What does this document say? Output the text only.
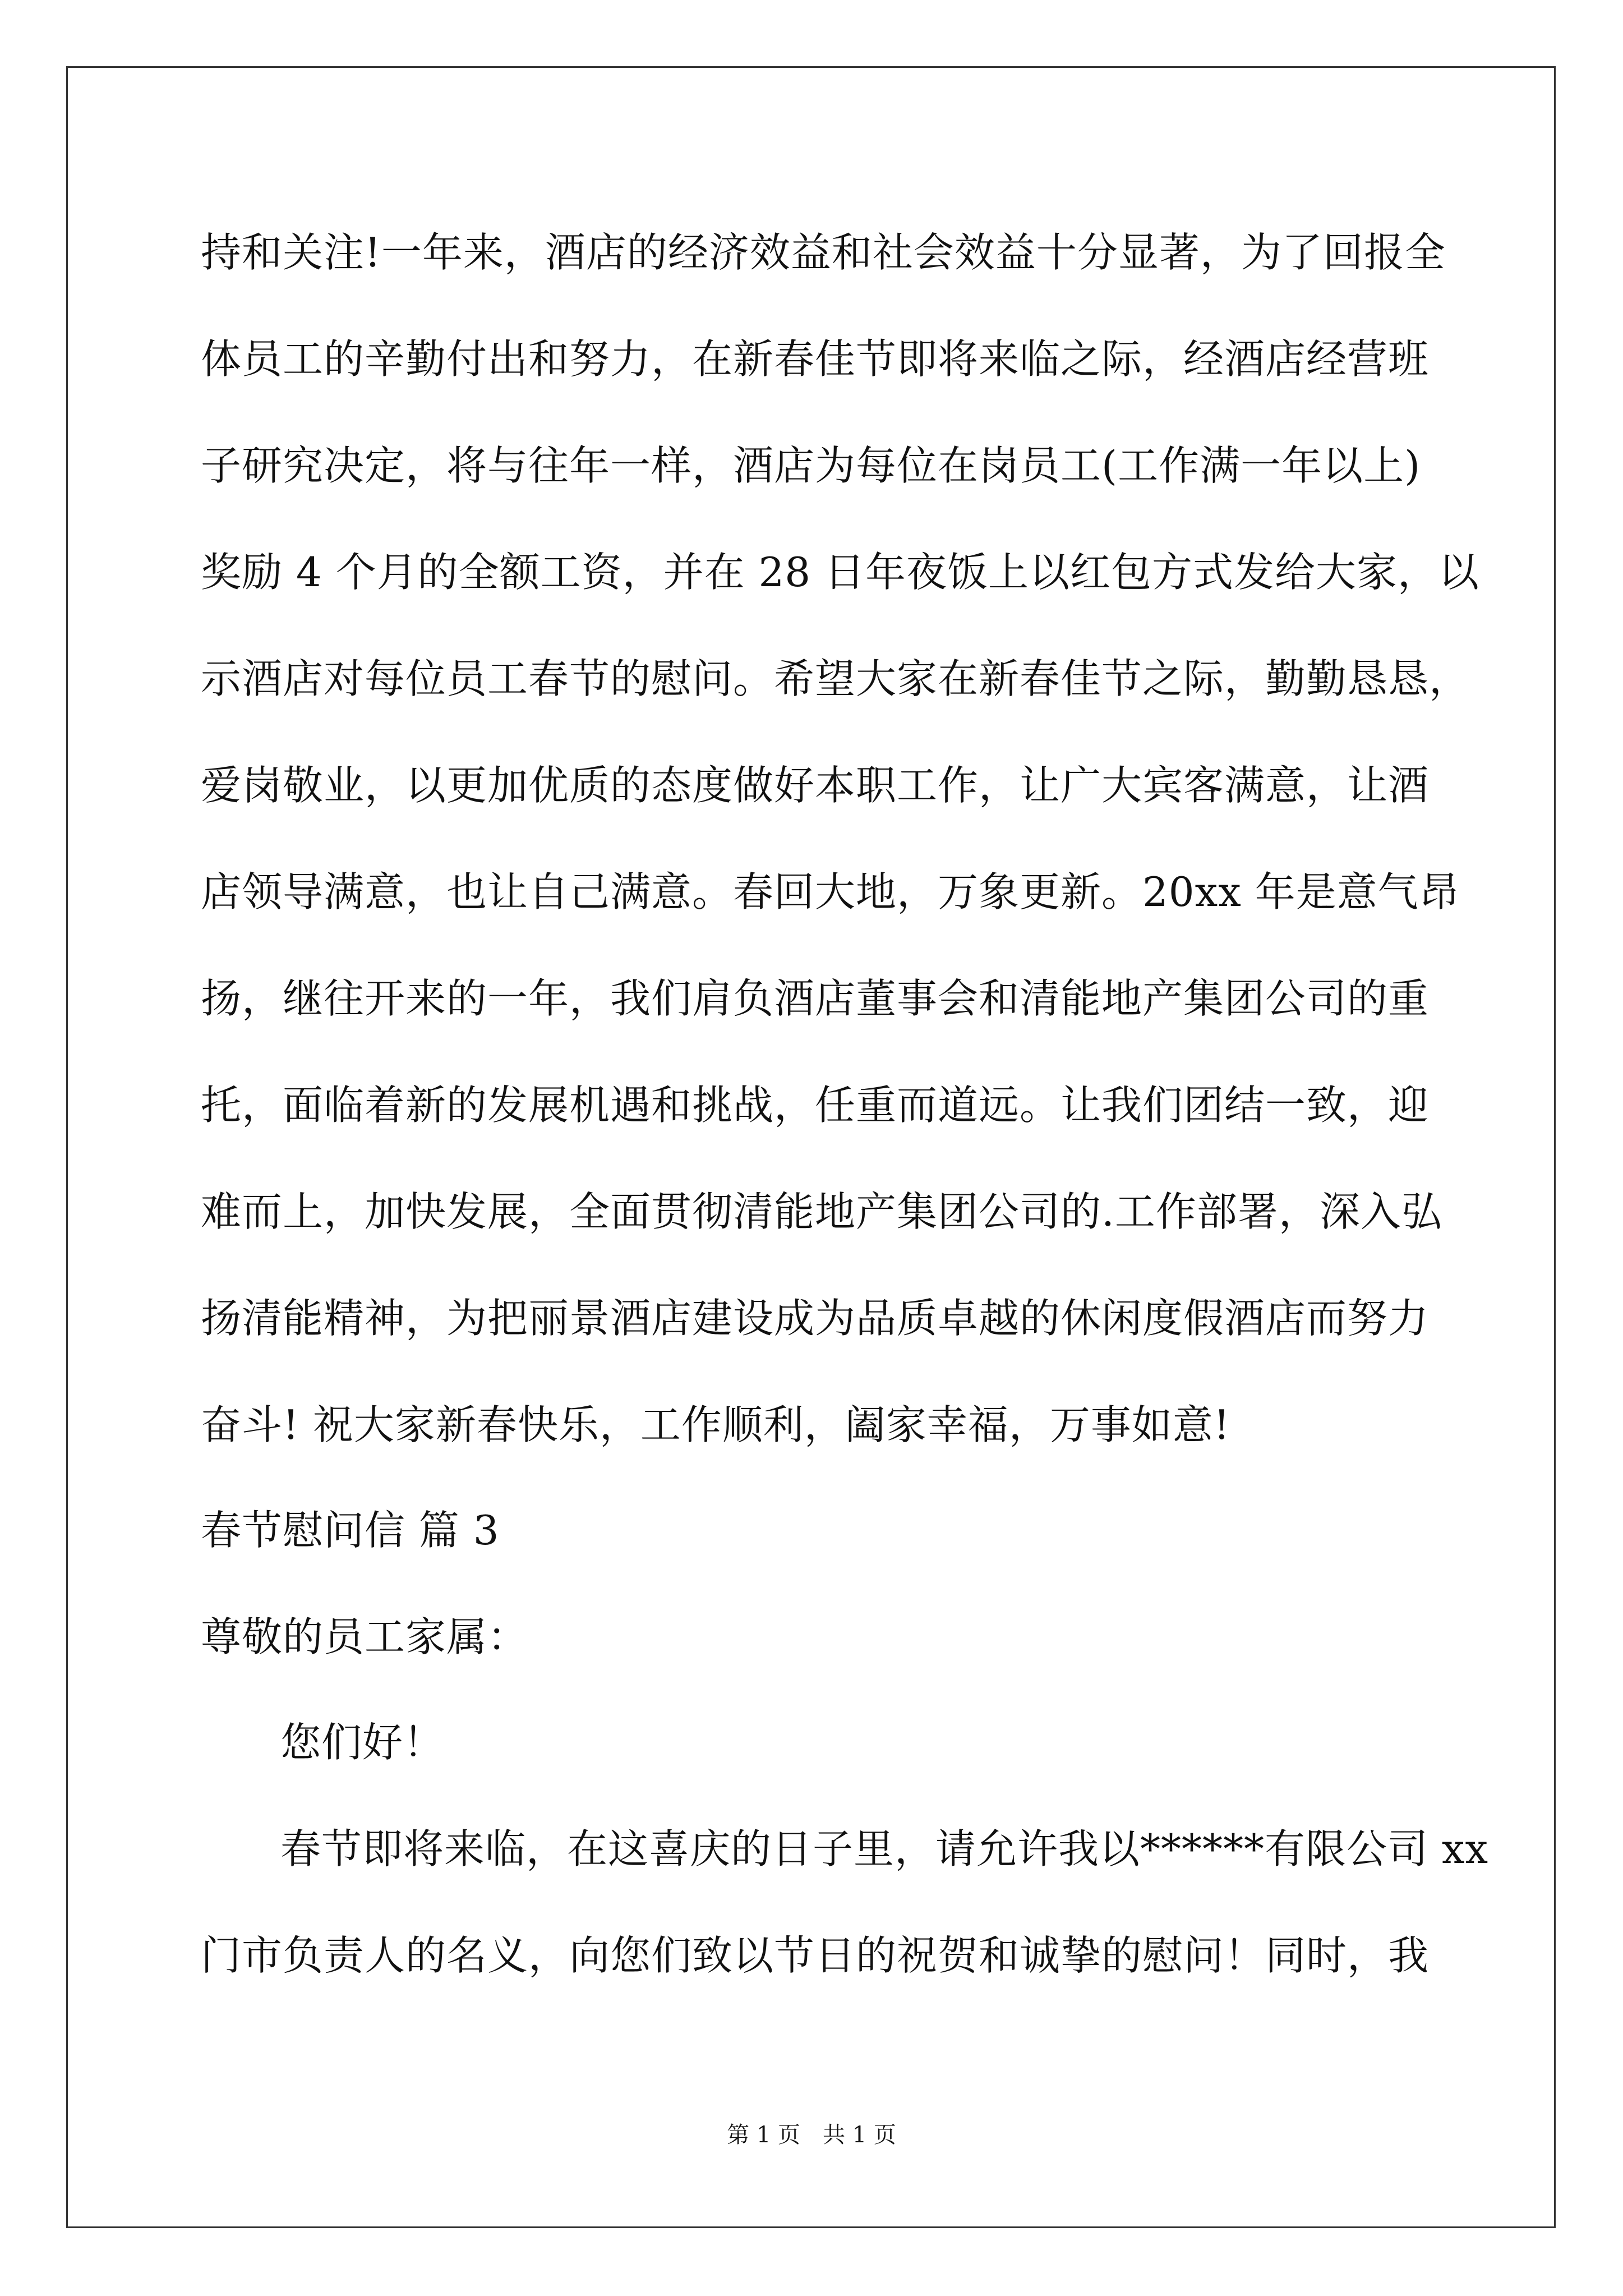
持和关注!一年来，酒店的经济效益和社会效益十分显著，为了回报全
体员工的辛勤付出和努力，在新春佳节即将来临之际，经酒店经营班
子研究决定，将与往年一样，酒店为每位在岗员工(工作满一年以上)
奖励 4 个月的全额工资，并在 28 日年夜饭上以红包方式发给大家，以
示酒店对每位员工春节的慰问。希望大家在新春佳节之际，勤勤恳恳，
爱岗敬业，以更加优质的态度做好本职工作，让广大宾客满意，让酒
店领导满意，也让自己满意。春回大地，万象更新。20xx 年是意气昂
扬，继往开来的一年，我们肩负酒店董事会和清能地产集团公司的重
托，面临着新的发展机遇和挑战，任重而道远。让我们团结一致，迎
难而上，加快发展，全面贯彻清能地产集团公司的.工作部署，深入弘
扬清能精神，为把丽景酒店建设成为品质卓越的休闲度假酒店而努力
奋斗! 祝大家新春快乐，工作顺利，阖家幸福，万事如意!
春节慰问信 篇 3
尊敬的员工家属：
您们好！
春节即将来临，在这喜庆的日子里，请允许我以******有限公司 xx
门市负责人的名义，向您们致以节日的祝贺和诚挚的慰问！同时，我
第 1 页 共 1 页
